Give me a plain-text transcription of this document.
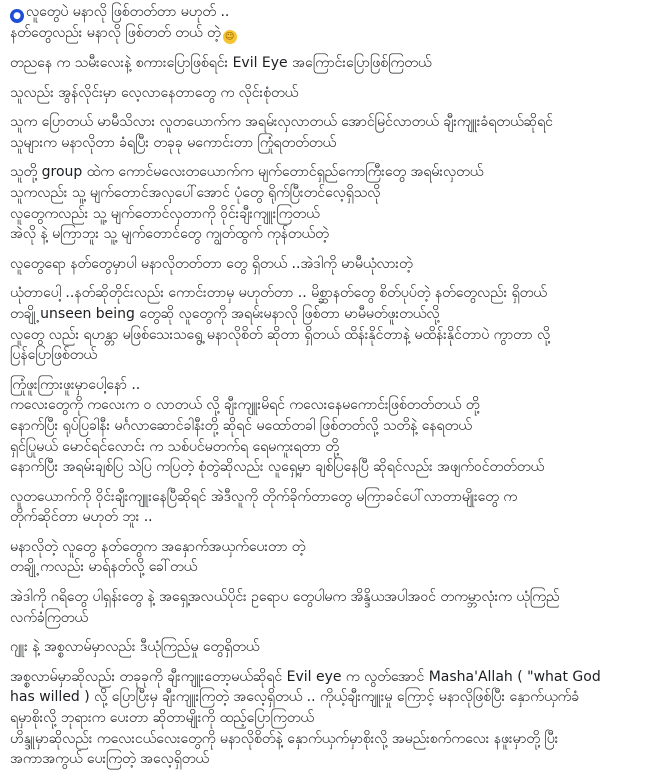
● လူတွေပဲ မနာလို ဖြစ်တတ်တာ မဟုတ် ..
နတ်တွေလည်း မနာလို ဖြစ်တတ် တယ် တဲ့ ☺
တညနေ က သမီးလေးနဲ့ စကားပြောဖြစ်ရင်း Evil Eye အကြောင်းပြောဖြစ်ကြတယ်
သူလည်း အွန်လိုင်းမှာ လေ့လာနေတာတွေ က လိုင်းစုံတယ်
သူက ပြောတယ် မာမီသိလား လူတယောက်က အရမ်းလှလာတယ် အောင်မြင်လာတယ် ချီးကျူးခံရတယ်ဆိုရင်
သူများက မနာလိုတာ ခံရပြီး တခုခု မကောင်းတာ ကြုံရတတ်တယ်
သူတို့ group ထဲက ကောင်မလေးတယောက်က မျက်တောင်ရှည်ကောကြီးတွေ အရမ်းလှတယ်
သူကလည်း သူ့ မျက်တောင်အလှပေါ်အောင် ပုံတွေ ရိုက်ပြီးတင်လေ့ရှိသလို
လူတွေကလည်း သူ့ မျက်တောင်လှတာကို ဝိုင်းချီးကျူးကြတယ်
အဲလို နဲ့ မကြာဘူး သူ့ မျက်တောင်တွေ ကျွတ်ထွက် ကုန်တယ်တဲ့
လူတွေရော နတ်တွေမှာပါ မနာလိုတတ်တာ တွေ ရှိတယ် ..အဲဒါကို မာမီယုံလားတဲ့
ယုံတာပေါ့ ..နတ်ဆိုတိုင်းလည်း ကောင်းတာမှ မဟုတ်တာ .. မိစ္ဆာနတ်တွေ စိတ်ပုပ်တဲ့ နတ်တွေလည်း ရှိတယ်
တချို့ unseen being တွေဆို လူတွေကို အရမ်းမနာလို ဖြစ်တာ မာမီမတ်ဖူးတယ်လို့
လူတွေ လည်း ရဟန္တာ မဖြစ်သေးသရွေ့ မနာလိုစိတ် ဆိုတာ ရှိတယ် ထိန်းနိုင်တာနဲ့ မထိန်းနိုင်တာပဲ ကွာတာ လို့
ပြန်ပြောဖြစ်တယ်
ကြုံဖူးကြားဖူးမှာပေါ့နော် ..
ကလေးတွေကို ကလေးက ဝ လာတယ် လို့ ချီးကျူးမိရင် ကလေးနေမကောင်းဖြစ်တတ်တယ် တို့
နောက်ပြီး ရုပ်ပြခါနီး မင်္ဂလာဆောင်ခါနီးတို့ ဆိုရင် မထော်တခါ ဖြစ်တတ်လို့ သတိနဲ့ နေရတယ်
ရှင်ပြုမယ် မောင်ရင်လောင်း က သစ်ပင်မတက်ရ ရေမကူးရတာ တို့
နောက်ပြီး အရမ်းချစ်ပြ သဲပြ ကပြတဲ့ စုံတွဲဆိုလည်း လူရှေ့မှာ ချစ်ပြနေပြီ ဆိုရင်လည်း အဖျက်ဝင်တတ်တယ်
လူတယောက်ကို ဝိုင်းချီးကျူးနေပြီဆိုရင် အဲဒီလူကို တိုက်ခိုက်တာတွေ မကြာခင်ပေါ်လာတာမျိုးတွေ က
တိုက်ဆိုင်တာ မဟုတ် ဘူး ..
မနာလိုတဲ့ လူတွေ နတ်တွေက အနှောက်အယှက်ပေးတာ တဲ့
တချို့ ကလည်း မာရ်နတ်လို့ ခေါ်တယ်
အဲဒါကို ဂရိတွေ ပါရှန်းတွေ နဲ့ အရှေ့အလယ်ပိုင်း ဥရောပ တွေပါမက အိန္ဒိယအပါအဝင် တကမ္ဘာလုံးက ယုံကြည်
လက်ခံကြတယ်
ဂျူး နဲ့ အစ္စလာမ်မှာလည်း ဒီယုံကြည်မှု တွေရှိတယ်
အစ္စလာမ်မှာဆိုလည်း တခုခုကို ချီးကျူးတော့မယ်ဆိုရင် Evil eye က လွတ်အောင် Masha'Allah ( "what God
has willed ) လို့ ပြောပြီးမှ ချီးကျူးကြတဲ့ အလေ့ရှိတယ် .. ကိုယ့်ချီးကျူးမှု ကြောင့် မနာလိုဖြစ်ပြီး နှောက်ယှက်ခံ
ရမှာစိုးလို့ ဘုရားက ပေးတာ ဆိုတာမျိုးကို ထည့်ပြောကြတယ်
ဟိန္ဒူမှာဆိုလည်း ကလေးငယ်လေးတွေကို မနာလိုစိတ်နဲ့ နှောက်ယှက်မှာစိုးလို့ အမည်းစက်ကလေး နဖူးမှာတို့ ပြီး
အကာအကွယ် ပေးကြတဲ့ အလေ့ရှိတယ်
